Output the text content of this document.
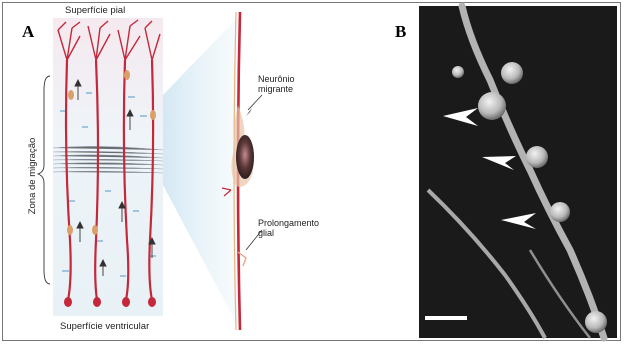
A	B
Superfície pial
Superfície ventricular
Zona de migração
Neurônio
migrante
Prolongamento
glial
